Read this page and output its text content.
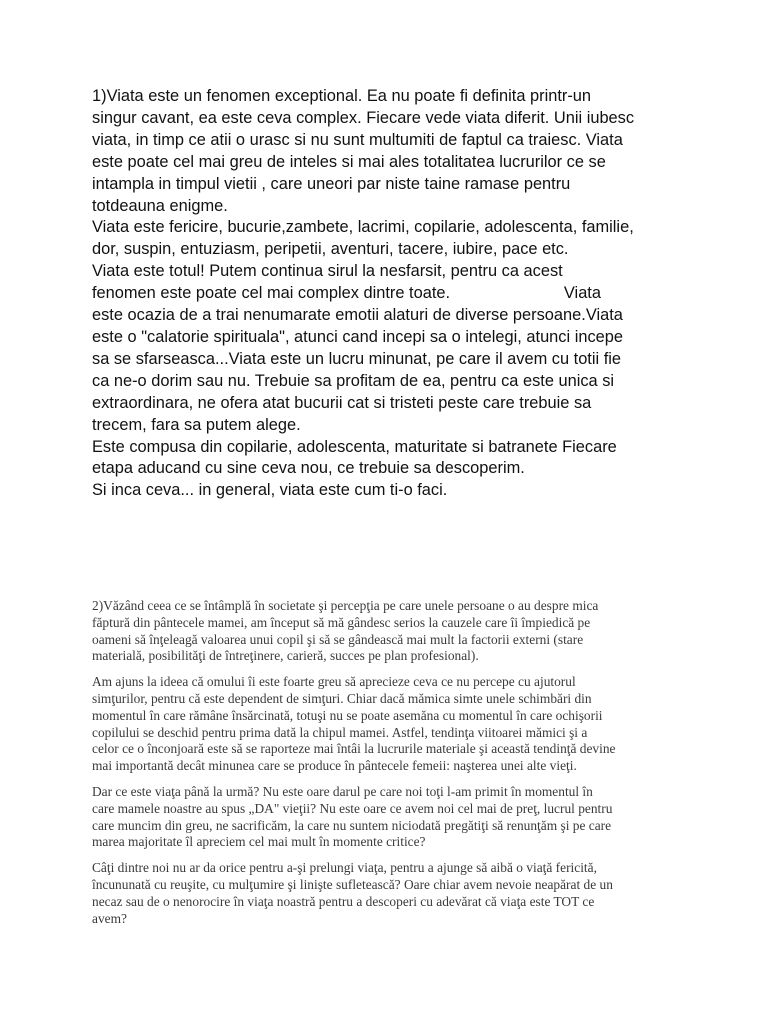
1)Viata este un fenomen exceptional. Ea nu poate fi definita printr-un
singur cavant, ea este ceva complex. Fiecare vede viata diferit. Unii iubesc
viata, in timp ce atii o urasc si nu sunt multumiti de faptul ca traiesc. Viata
este poate cel mai greu de inteles si mai ales totalitatea lucrurilor ce se
intampla in timpul vietii , care uneori par niste taine ramase pentru
totdeauna enigme.
Viata este fericire, bucurie,zambete, lacrimi, copilarie, adolescenta, familie,
dor, suspin, entuziasm, peripetii, aventuri, tacere, iubire, pace etc.
Viata este totul! Putem continua sirul la nesfarsit, pentru ca acest
fenomen este poate cel mai complex dintre toate.                         Viata
este ocazia de a trai nenumarate emotii alaturi de diverse persoane.Viata
este o "calatorie spirituala", atunci cand incepi sa o intelegi, atunci incepe
sa se sfarseasca...Viata este un lucru minunat, pe care il avem cu totii fie
ca ne-o dorim sau nu. Trebuie sa profitam de ea, pentru ca este unica si
extraordinara, ne ofera atat bucurii cat si tristeti peste care trebuie sa
trecem, fara sa putem alege.
Este compusa din copilarie, adolescenta, maturitate si batranete Fiecare
etapa aducand cu sine ceva nou, ce trebuie sa descoperim.
Si inca ceva... in general, viata este cum ti-o faci.
2)Văzând ceea ce se întâmplă în societate şi percepţia pe care unele persoane o au despre mica
făptură din pântecele mamei, am început să mă gândesc serios la cauzele care îi împiedică pe
oameni să înţeleagă valoarea unui copil şi să se gândească mai mult la factorii externi (stare
materială, posibilităţi de întreţinere, carieră, succes pe plan profesional).
Am ajuns la ideea că omului îi este foarte greu să aprecieze ceva ce nu percepe cu ajutorul
simţurilor, pentru că este dependent de simţuri. Chiar dacă mămica simte unele schimbări din
momentul în care rămâne însărcinată, totuşi nu se poate asemăna cu momentul în care ochişorii
copilului se deschid pentru prima dată la chipul mamei. Astfel, tendinţa viitoarei mămici şi a
celor ce o înconjoară este să se raporteze mai întâi la lucrurile materiale şi această tendinţă devine
mai importantă decât minunea care se produce în pântecele femeii: naşterea unei alte vieţi.
Dar ce este viaţa până la urmă? Nu este oare darul pe care noi toţi l-am primit în momentul în
care mamele noastre au spus „DA" vieţii? Nu este oare ce avem noi cel mai de preţ, lucrul pentru
care muncim din greu, ne sacrificăm, la care nu suntem niciodată pregătiţi să renunţăm şi pe care
marea majoritate îl apreciem cel mai mult în momente critice?
Câţi dintre noi nu ar da orice pentru a-şi prelungi viaţa, pentru a ajunge să aibă o viaţă fericită,
încununată cu reuşite, cu mulţumire şi linişte sufletească? Oare chiar avem nevoie neapărat de un
necaz sau de o nenorocire în viaţa noastră pentru a descoperi cu adevărat că viaţa este TOT ce
avem?
